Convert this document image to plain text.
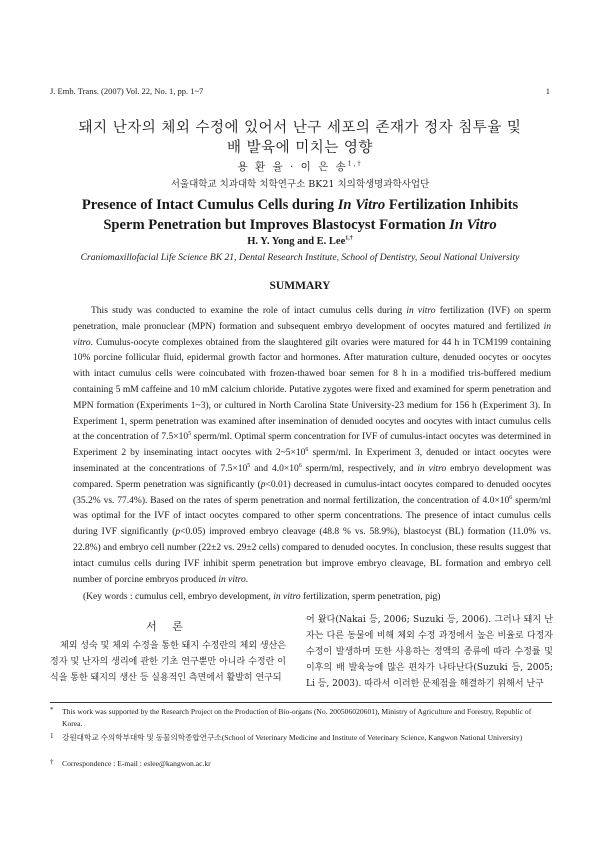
J. Emb. Trans. (2007) Vol. 22, No. 1, pp. 1~7	1
돼지 난자의 체외 수정에 있어서 난구 세포의 존재가 정자 침투율 및
배 발육에 미치는 영향
용 환 율 · 이 은 송$^{1,\dagger}$
서울대학교 치과대학 치학연구소 BK21 치의학생명과학사업단
Presence of Intact Cumulus Cells during In Vitro Fertilization Inhibits
Sperm Penetration but Improves Blastocyst Formation In Vitro
H. Y. Yong and E. Lee$^{1,\dagger}$
Craniomaxillofacial Life Science BK 21, Dental Research Institute, School of Dentistry, Seoul National University
SUMMARY

This study was conducted to examine the role of intact cumulus cells during in vitro fertilization (IVF) on sperm penetration, male pronuclear (MPN) formation and subsequent embryo development of oocytes matured and fertilized in vitro. Cumulus-oocyte complexes obtained from the slaughtered gilt ovaries were matured for 44 h in TCM199 containing 10% porcine follicular fluid, epidermal growth factor and hormones. After maturation culture, denuded oocytes or oocytes with intact cumulus cells were coincubated with frozen-thawed boar semen for 8 h in a modified tris-buffered medium containing 5 mM caffeine and 10 mM calcium chloride. Putative zygotes were fixed and examined for sperm penetration and MPN formation (Experiments 1~3), or cultured in North Carolina State University-23 medium for 156 h (Experiment 3). In Experiment 1, sperm penetration was examined after insemination of denuded oocytes and oocytes with intact cumulus cells at the concentration of $7.5\times 10^5$ sperm/ml. Optimal sperm concentration for IVF of cumulus-intact oocytes was determined in Experiment 2 by inseminating intact oocytes with $2\sim 5\times 10^6$ sperm/ml. In Experiment 3, denuded or intact oocytes were inseminated at the concentrations of $7.5\times 10^5$ and $4.0\times 10^6$ sperm/ml, respectively, and in vitro embryo development was compared. Sperm penetration was significantly (p<0.01) decreased in cumulus-intact oocytes compared to denuded oocytes (35.2% vs. 77.4%). Based on the rates of sperm penetration and normal fertilization, the concentration of $4.0\times 10^6$ sperm/ml was optimal for the IVF of intact oocytes compared to other sperm concentrations. The presence of intact cumulus cells during IVF significantly (p<0.05) improved embryo cleavage (48.8 % vs. 58.9%), blastocyst (BL) formation (11.0% vs. 22.8%) and embryo cell number (22±2 vs. 29±2 cells) compared to denuded oocytes. In conclusion, these results suggest that intact cumulus cells during IVF inhibit sperm penetration but improve embryo cleavage, BL formation and embryo cell number of porcine embryos produced in vitro.

(Key words : cumulus cell, embryo development, in vitro fertilization, sperm penetration, pig)
서 론

체외 성숙 및 체외 수정을 통한 돼지 수정란의 체외 생산은 정자 및 난자의 생리에 관한 기초 연구뿐만 아니라 수정란 이식을 통한 돼지의 생산 등 실용적인 측면에서 활발히 연구되

어 왔다(Nakai 등, 2006; Suzuki 등, 2006). 그러나 돼지 난자는 다른 동물에 비해 체외 수정 과정에서 높은 비율로 다정자 수정이 발생하며 또한 사용하는 정액의 종류에 따라 수정률 및 이후의 배 발육능에 많은 편차가 나타난다(Suzuki 등, 2005; Li 등, 2003). 따라서 이러한 문제점을 해결하기 위해서 난구
*	This work was supported by the Research Project on the Production of Bio-organs (No. 200506020601), Ministry of Agriculture and Forestry, Republic of Korea.
1	강원대학교 수의학부대학 및 동물의학종합연구소(School of Veterinary Medicine and Institute of Veterinary Science, Kangwon National University)
†	Correspondence : E-mail : eslee@kangwon.ac.kr
